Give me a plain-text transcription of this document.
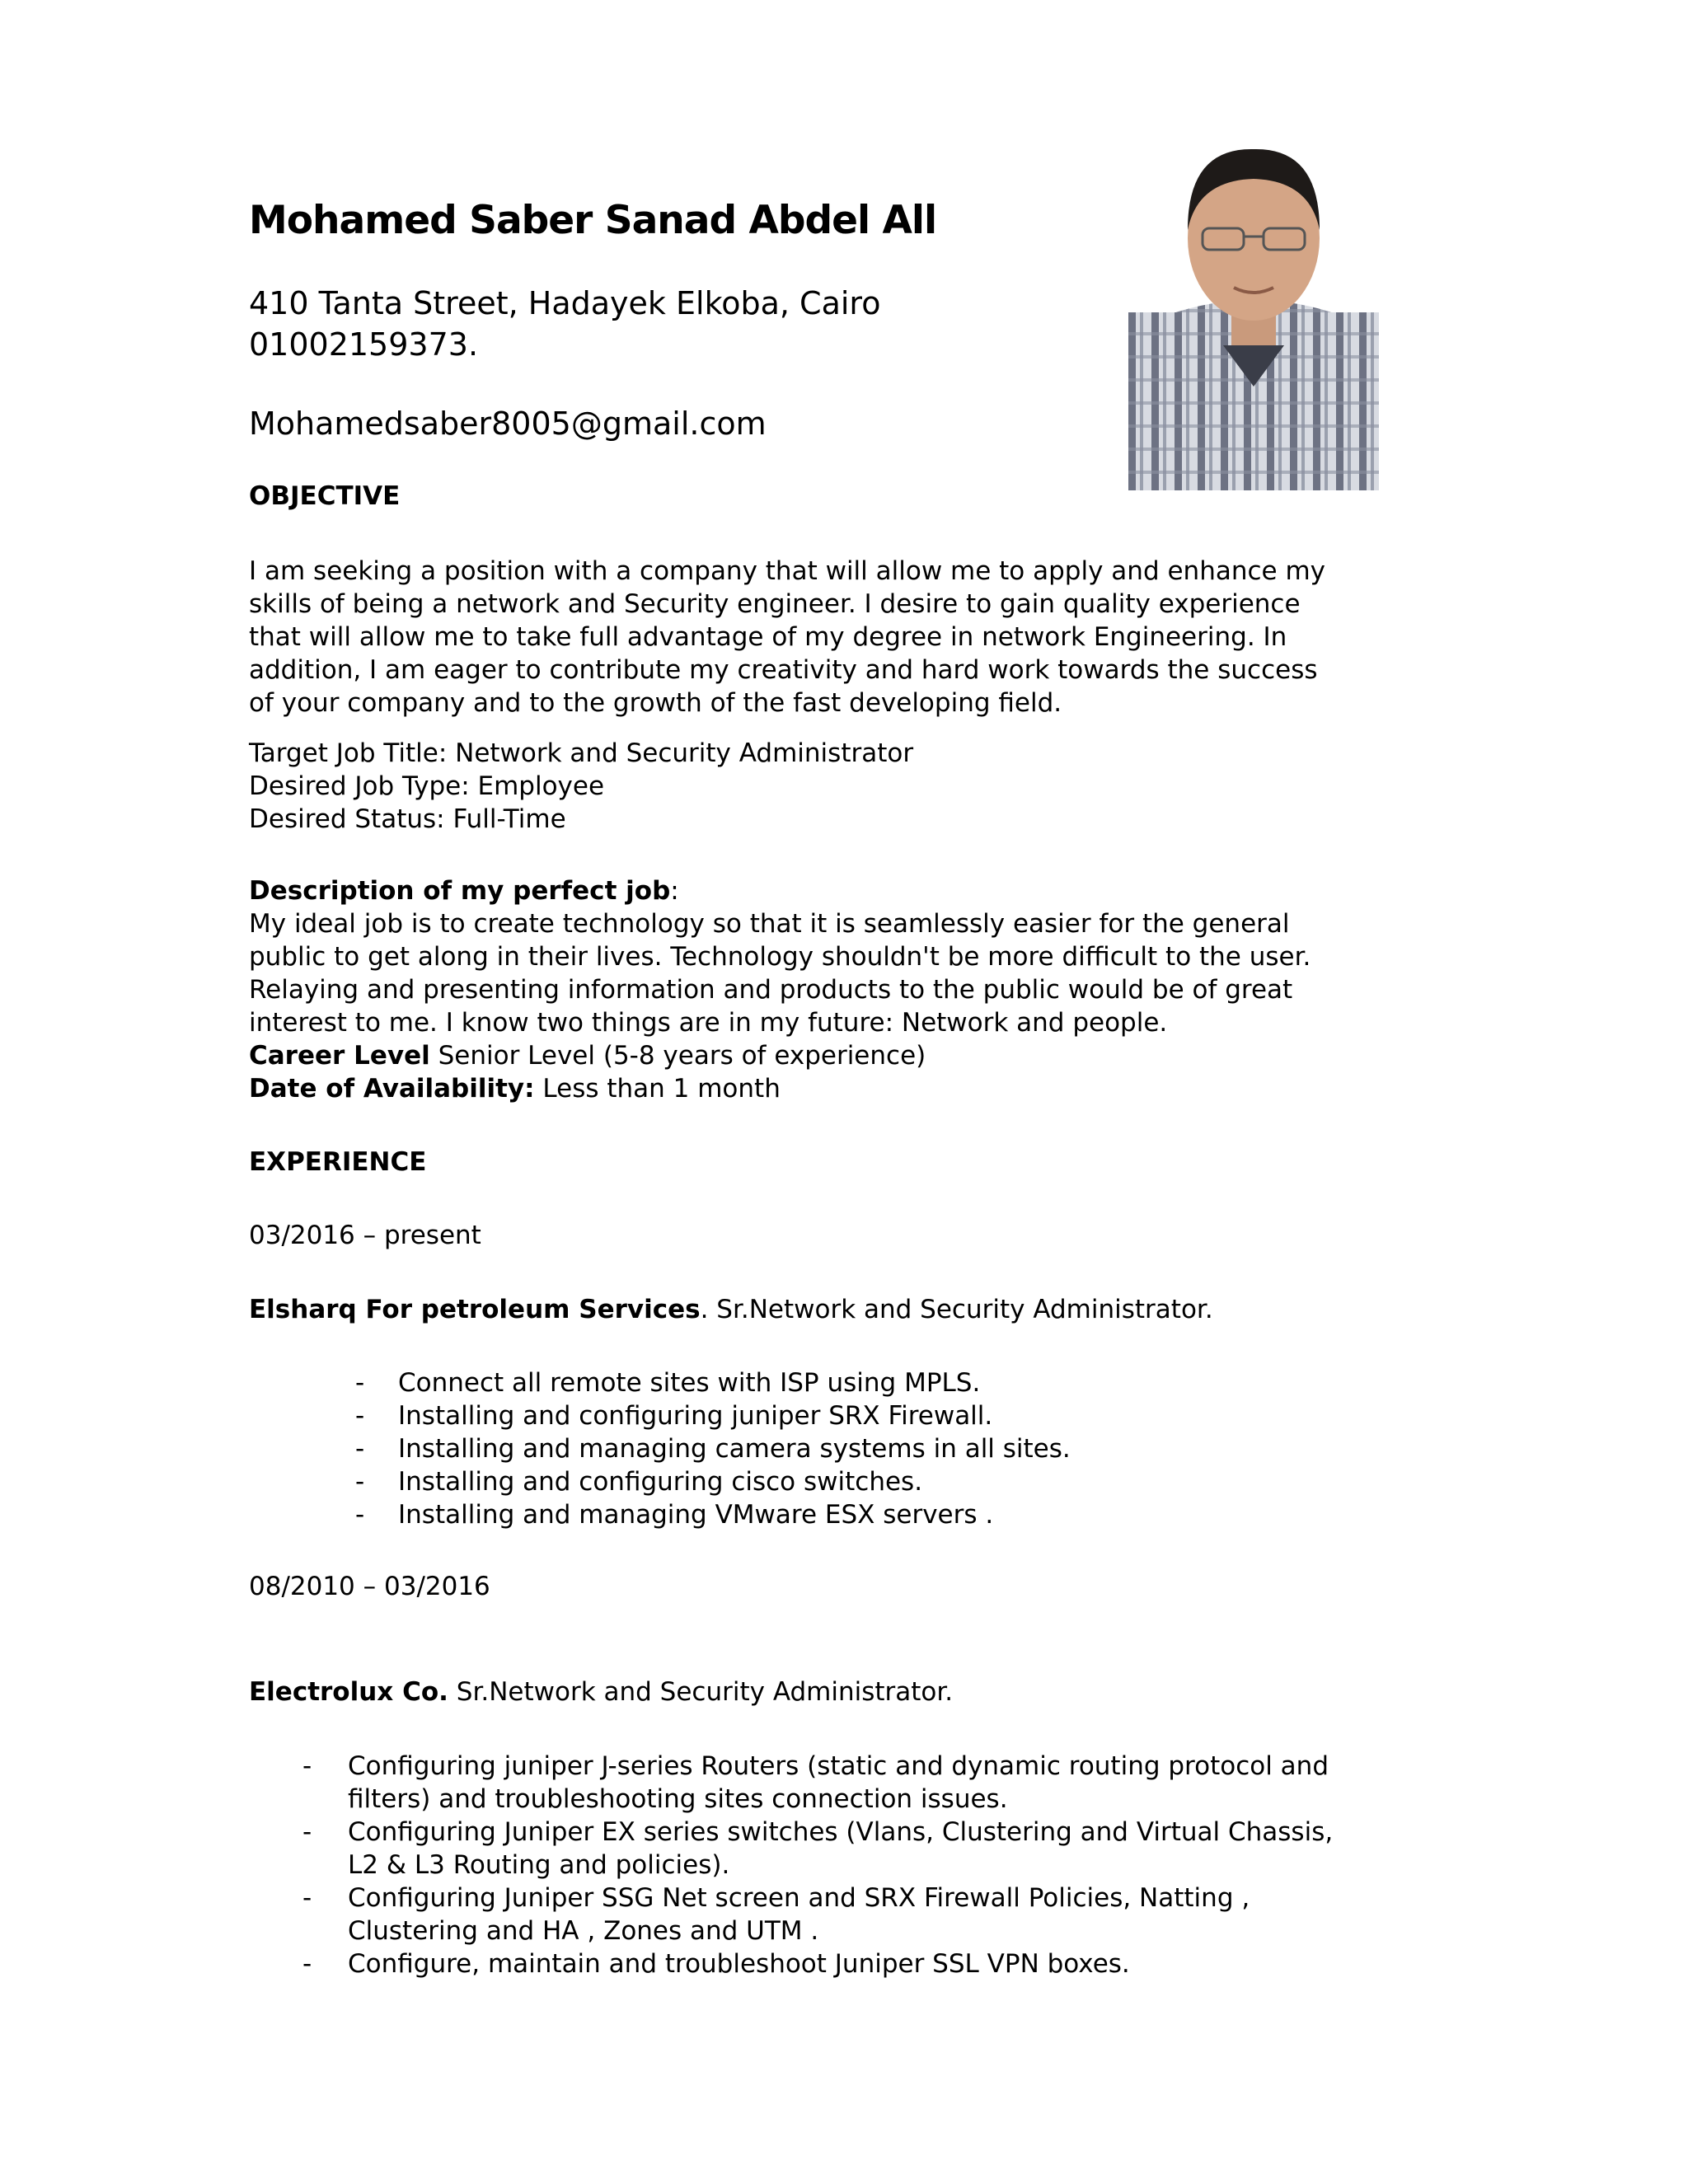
Mohamed Saber Sanad Abdel All
410 Tanta Street, Hadayek Elkoba, Cairo
01002159373.
Mohamedsaber8005@gmail.com
OBJECTIVE
I am seeking a position with a company that will allow me to apply and enhance my
skills of being a network and Security engineer. I desire to gain quality experience
that will allow me to take full advantage of my degree in network Engineering. In
addition, I am eager to contribute my creativity and hard work towards the success
of your company and to the growth of the fast developing field.
Target Job Title: Network and Security Administrator
Desired Job Type: Employee
Desired Status: Full-Time
Description of my perfect job:
My ideal job is to create technology so that it is seamlessly easier for the general
public to get along in their lives. Technology shouldn't be more difficult to the user.
Relaying and presenting information and products to the public would be of great
interest to me. I know two things are in my future: Network and people.
Career Level Senior Level (5-8 years of experience)
Date of Availability: Less than 1 month
EXPERIENCE
03/2016 – present
Elsharq For petroleum Services. Sr.Network and Security Administrator.
- Connect all remote sites with ISP using MPLS.
- Installing and configuring juniper SRX Firewall.
- Installing and managing camera systems in all sites.
- Installing and configuring cisco switches.
- Installing and managing VMware ESX servers .
08/2010 – 03/2016
Electrolux Co. Sr.Network and Security Administrator.
- Configuring juniper J-series Routers (static and dynamic routing protocol and
filters) and troubleshooting sites connection issues.
- Configuring Juniper EX series switches (Vlans, Clustering and Virtual Chassis,
L2 & L3 Routing and policies).
- Configuring Juniper SSG Net screen and SRX Firewall Policies, Natting ,
Clustering and HA , Zones and UTM .
- Configure, maintain and troubleshoot Juniper SSL VPN boxes.
